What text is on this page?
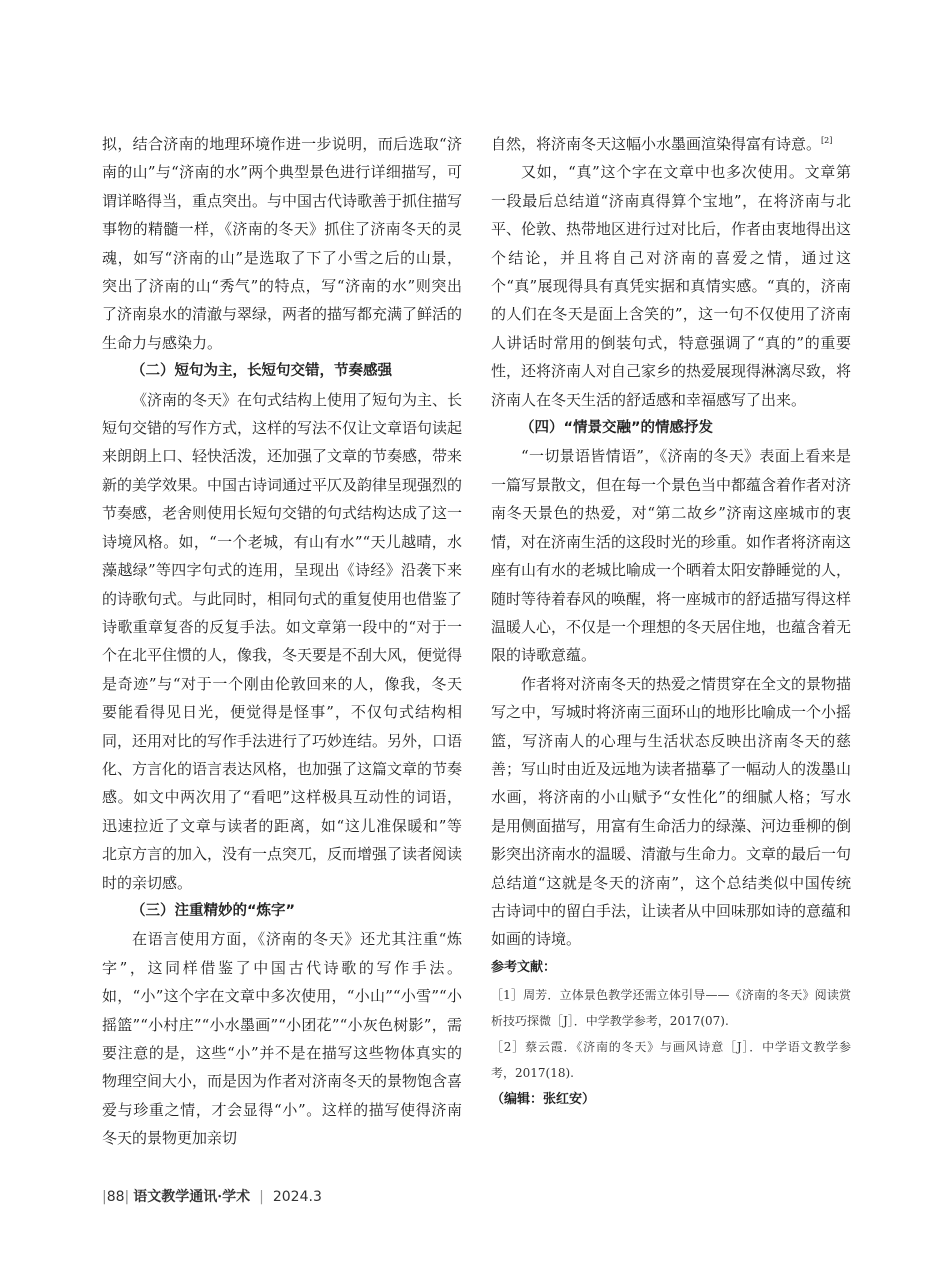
拟，结合济南的地理环境作进一步说明，而后选取“济南的山”与“济南的水”两个典型景色进行详细描写，可谓详略得当，重点突出。与中国古代诗歌善于抓住描写事物的精髓一样，《济南的冬天》抓住了济南冬天的灵魂，如写“济南的山”是选取了下了小雪之后的山景，突出了济南的山“秀气”的特点，写“济南的水”则突出了济南泉水的清澈与翠绿，两者的描写都充满了鲜活的生命力与感染力。

（二）短句为主，长短句交错，节奏感强

《济南的冬天》在句式结构上使用了短句为主、长短句交错的写作方式，这样的写法不仅让文章语句读起来朗朗上口、轻快活泼，还加强了文章的节奏感，带来新的美学效果。中国古诗词通过平仄及韵律呈现强烈的节奏感，老舍则使用长短句交错的句式结构达成了这一诗境风格。如，“一个老城，有山有水”“天儿越晴，水藻越绿”等四字句式的连用，呈现出《诗经》沿袭下来的诗歌句式。与此同时，相同句式的重复使用也借鉴了诗歌重章复沓的反复手法。如文章第一段中的“对于一个在北平住惯的人，像我，冬天要是不刮大风，便觉得是奇迹”与“对于一个刚由伦敦回来的人，像我，冬天要能看得见日光，便觉得是怪事”，不仅句式结构相同，还用对比的写作手法进行了巧妙连结。另外，口语化、方言化的语言表达风格，也加强了这篇文章的节奏感。如文中两次用了“看吧”这样极具互动性的词语，迅速拉近了文章与读者的距离，如“这儿准保暖和”等北京方言的加入，没有一点突兀，反而增强了读者阅读时的亲切感。

（三）注重精妙的“炼字”

在语言使用方面，《济南的冬天》还尤其注重“炼字”，这同样借鉴了中国古代诗歌的写作手法。如，“小”这个字在文章中多次使用，“小山”“小雪”“小摇篮”“小村庄”“小水墨画”“小团花”“小灰色树影”，需要注意的是，这些“小”并不是在描写这些物体真实的物理空间大小，而是因为作者对济南冬天的景物饱含喜爱与珍重之情，才会显得“小”。这样的描写使得济南冬天的景物更加亲切

自然，将济南冬天这幅小水墨画渲染得富有诗意。[2]

又如，“真”这个字在文章中也多次使用。文章第一段最后总结道“济南真得算个宝地”，在将济南与北平、伦敦、热带地区进行过对比后，作者由衷地得出这个结论，并且将自己对济南的喜爱之情，通过这个“真”展现得具有真凭实据和真情实感。“真的，济南的人们在冬天是面上含笑的”，这一句不仅使用了济南人讲话时常用的倒装句式，特意强调了“真的”的重要性，还将济南人对自己家乡的热爱展现得淋漓尽致，将济南人在冬天生活的舒适感和幸福感写了出来。

（四）“情景交融”的情感抒发

“一切景语皆情语”，《济南的冬天》表面上看来是一篇写景散文，但在每一个景色当中都蕴含着作者对济南冬天景色的热爱，对“第二故乡”济南这座城市的衷情，对在济南生活的这段时光的珍重。如作者将济南这座有山有水的老城比喻成一个晒着太阳安静睡觉的人，随时等待着春风的唤醒，将一座城市的舒适描写得这样温暖人心，不仅是一个理想的冬天居住地，也蕴含着无限的诗歌意蕴。

作者将对济南冬天的热爱之情贯穿在全文的景物描写之中，写城时将济南三面环山的地形比喻成一个小摇篮，写济南人的心理与生活状态反映出济南冬天的慈善；写山时由近及远地为读者描摹了一幅动人的泼墨山水画，将济南的小山赋予“女性化”的细腻人格；写水是用侧面描写，用富有生命活力的绿藻、河边垂柳的倒影突出济南水的温暖、清澈与生命力。文章的最后一句总结道“这就是冬天的济南”，这个总结类似中国传统古诗词中的留白手法，让读者从中回味那如诗的意蕴和如画的诗境。

参考文献：

［1］周芳．立体景色教学还需立体引导——《济南的冬天》阅读赏析技巧探微［J］．中学教学参考，2017(07).

［2］蔡云霞．《济南的冬天》与画风诗意［J］．中学语文教学参考，2017(18).

（编辑：张红安）

|88| 语文教学通讯·学术 | 2024.3
